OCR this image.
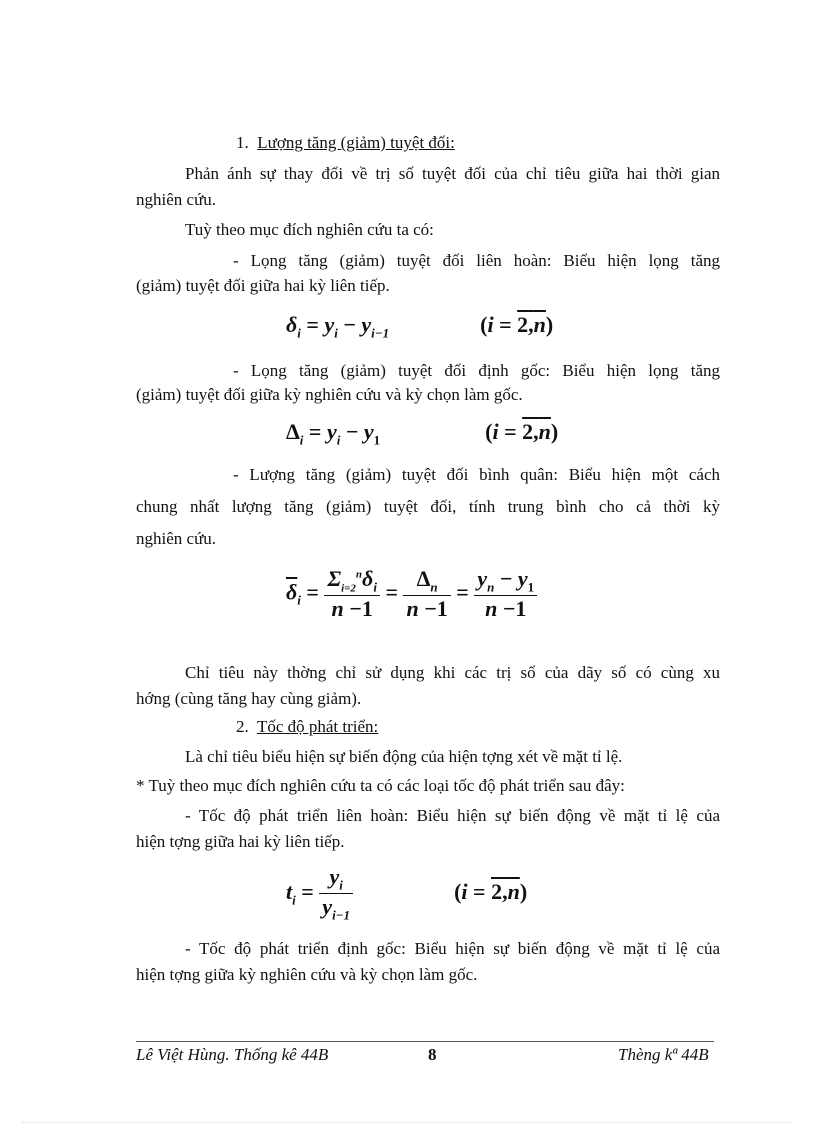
1. Lượng tăng (giảm) tuyệt đối:
Phản ánh sự thay đổi về trị số tuyệt đối của chỉ tiêu giữa hai thời gian
nghiên cứu.
Tuỳ theo mục đích nghiên cứu ta có:
- Lọng tăng (giảm) tuyệt đối liên hoàn: Biểu hiện lọng tăng
(giảm) tuyệt đối giữa hai kỳ liên tiếp.
$\delta_i = y_i - y_{i-1}$	$(i = 2,\overline{n})$
- Lọng tăng (giảm) tuyệt đối định gốc: Biểu hiện lọng tăng
(giảm) tuyệt đối giữa kỳ nghiên cứu và kỳ chọn làm gốc.
$\Delta_i = y_i - y_1$	$(i = 2,\overline{n})$
- Lượng tăng (giảm) tuyệt đối bình quân: Biểu hiện một cách
chung nhất lượng tăng (giảm) tuyệt đối, tính trung bình cho cả thời kỳ
nghiên cứu.
$\overline{\delta}_i = \frac{\Sigma_{i=2}^n\delta_i}{n -1} = \frac{\Delta_n}{n -1} = \frac{y_n - y_1}{n -1}$
Chỉ tiêu này thờng chỉ sử dụng khi các trị số của dãy số có cùng xu
hớng (cùng tăng hay cùng giảm).
2. Tốc độ phát triển:
Là chỉ tiêu biểu hiện sự biến động của hiện tợng xét về mặt tỉ lệ.
* Tuỳ theo mục đích nghiên cứu ta có các loại tốc độ phát triển sau đây:
- Tốc độ phát triển liên hoàn: Biểu hiện sự biến động về mặt tỉ lệ của
hiện tợng giữa hai kỳ liên tiếp.
$t_i = \frac{y_i}{y_{i-1}}$	$(i = 2,\overline{n})$
- Tốc độ phát triển định gốc: Biểu hiện sự biến động về mặt tỉ lệ của
hiện tợng giữa kỳ nghiên cứu và kỳ chọn làm gốc.
Lê Việt Hùng. Thống kê 44B	8	Thèng kª 44B
